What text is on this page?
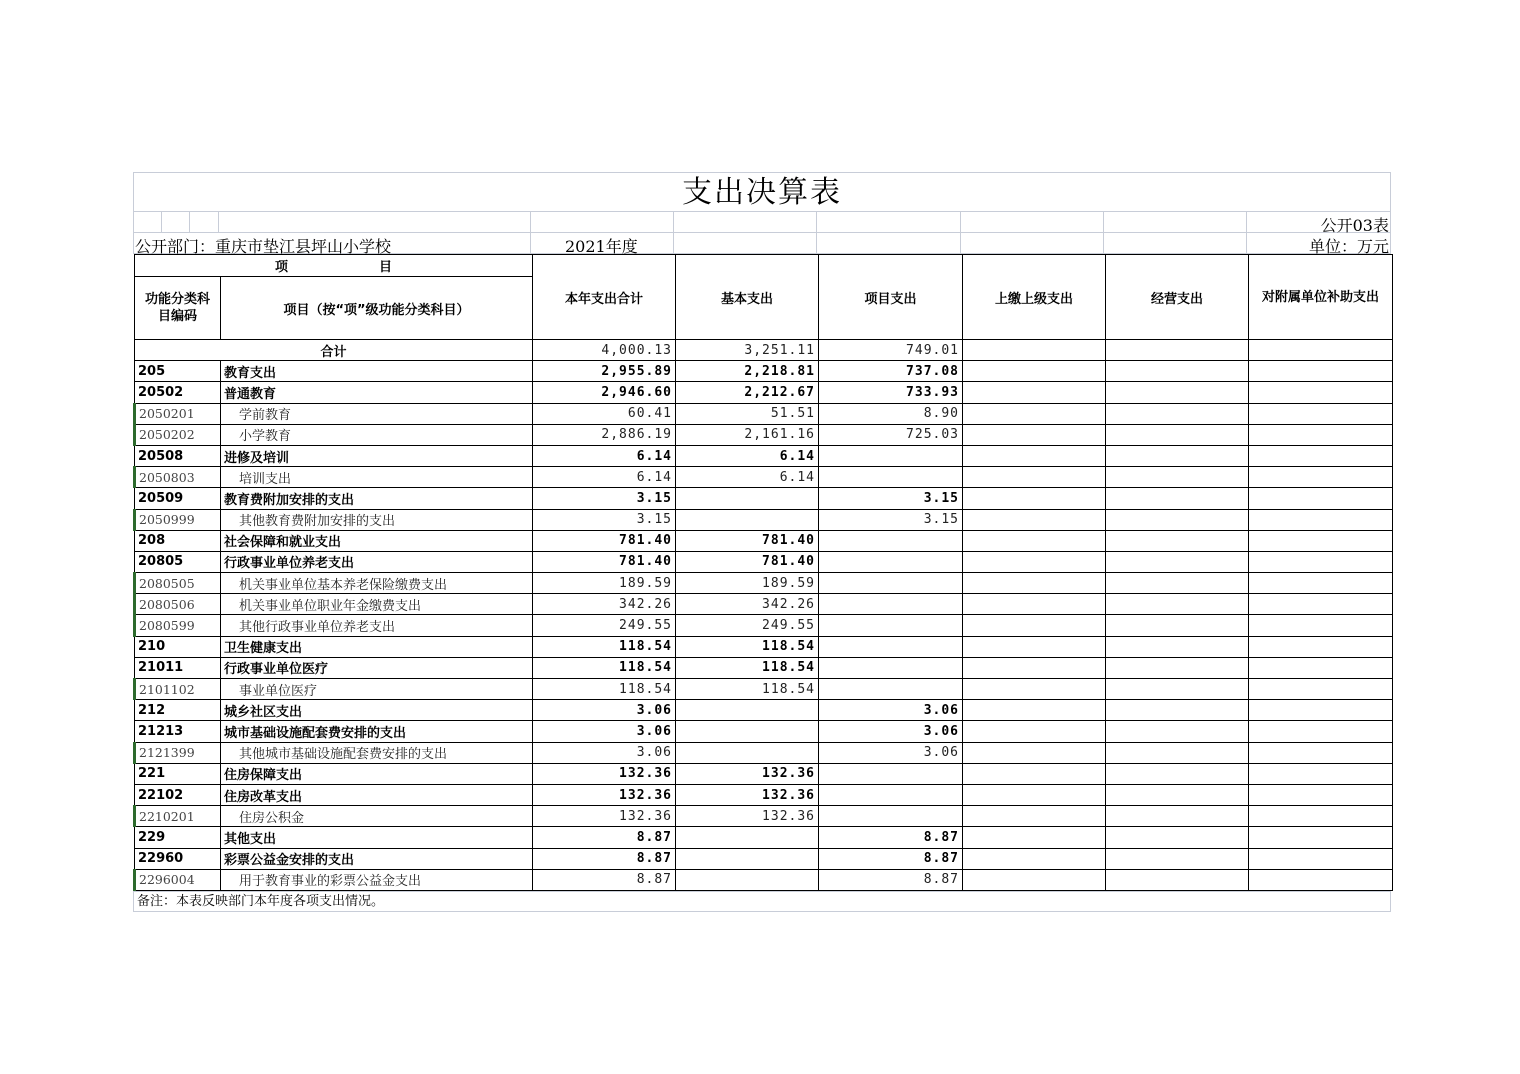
支出决算表
公开03表
公开部门：重庆市垫江县坪山小学校	2021年度	单位：万元
项　　　　　　　目		本年支出合计	基本支出	项目支出	上缴上级支出	经营支出	对附属单位补助支出
功能分类科目编码	项目（按“项”级功能分类科目）						
合计		4,000.13	3,251.11	749.01			
205	教育支出	2,955.89	2,218.81	737.08			
20502	普通教育	2,946.60	2,212.67	733.93			
2050201	学前教育	60.41	51.51	8.90			
2050202	小学教育	2,886.19	2,161.16	725.03			
20508	进修及培训	6.14	6.14				
2050803	培训支出	6.14	6.14				
20509	教育费附加安排的支出	3.15		3.15			
2050999	其他教育费附加安排的支出	3.15		3.15			
208	社会保障和就业支出	781.40	781.40				
20805	行政事业单位养老支出	781.40	781.40				
2080505	机关事业单位基本养老保险缴费支出	189.59	189.59				
2080506	机关事业单位职业年金缴费支出	342.26	342.26				
2080599	其他行政事业单位养老支出	249.55	249.55				
210	卫生健康支出	118.54	118.54				
21011	行政事业单位医疗	118.54	118.54				
2101102	事业单位医疗	118.54	118.54				
212	城乡社区支出	3.06		3.06			
21213	城市基础设施配套费安排的支出	3.06		3.06			
2121399	其他城市基础设施配套费安排的支出	3.06		3.06			
221	住房保障支出	132.36	132.36				
22102	住房改革支出	132.36	132.36				
2210201	住房公积金	132.36	132.36				
229	其他支出	8.87		8.87			
22960	彩票公益金安排的支出	8.87		8.87			
2296004	用于教育事业的彩票公益金支出	8.87		8.87			
备注：本表反映部门本年度各项支出情况。
